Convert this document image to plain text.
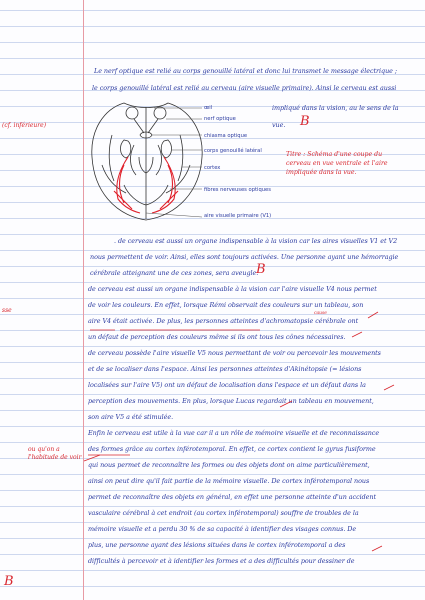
Le nerf optique est relié au corps genouillé latéral et donc lui transmet le message électrique ;
le corps genouillé latéral est relié au cerveau (aire visuelle primaire). Ainsi le cerveau est aussi
œil
nerf optique
chiasma optique
corps genouillé latéral
cortex
fibres nerveuses optiques
aire visuelle primaire (V1)
impliqué dans la vision, au le sens de la
vue. B
Titre : Schéma d'une coupe du
cerveau en vue ventrale et l'aire
impliquée dans la vue.
. de cerveau est aussi un organe indispensable à la vision car les aires visuelles V1 et V2
nous permettent de voir. Ainsi, elles sont toujours activées. Une personne ayant une hémorragie
cérébrale atteignant une de ces zones, sera aveugle.
B
de cerveau est aussi un organe indispensable à la vision car l'aire visuelle V4 nous permet
de voir les couleurs. En effet, lorsque Rémi observait des couleurs sur un tableau, son
aire V4 était activée. De plus, les personnes atteintes d'achromatopsie cérébrale ont
un défaut de perception des couleurs même si ils ont tous les cônes nécessaires.
cause
de cerveau possède l'aire visuelle V5 nous permettant de voir ou percevoir les mouvements
et de se localiser dans l'espace. Ainsi les personnes atteintes d'Akinétopsie (= lésions
localisées sur l'aire V5) ont un défaut de localisation dans l'espace et un défaut dans la
perception des mouvements. En plus, lorsque Lucas regardait un tableau en mouvement,
son aire V5 a été stimulée.
Enfin le cerveau est utile à la vue car il a un rôle de mémoire visuelle et de reconnaissance
des formes grâce au cortex inférotemporal. En effet, ce cortex contient le gyrus fusiforme
qui nous permet de reconnaître les formes ou des objets dont on aime particulièrement,
ainsi on peut dire qu'il fait partie de la mémoire visuelle. De cortex inférotemporal nous
permet de reconnaître des objets en général, en effet une personne atteinte d'un accident
vasculaire cérébral à cet endroit (au cortex inférotemporal) souffre de troubles de la
mémoire visuelle et a perdu 30 % de sa capacité à identifier des visages connus. De
plus, une personne ayant des lésions situées dans le cortex inférotemporal a des
difficultés à percevoir et à identifier les formes et a des difficultés pour dessiner de
(cf. inférieure)
sse
ou qu'on a l'habitude de voir
B
